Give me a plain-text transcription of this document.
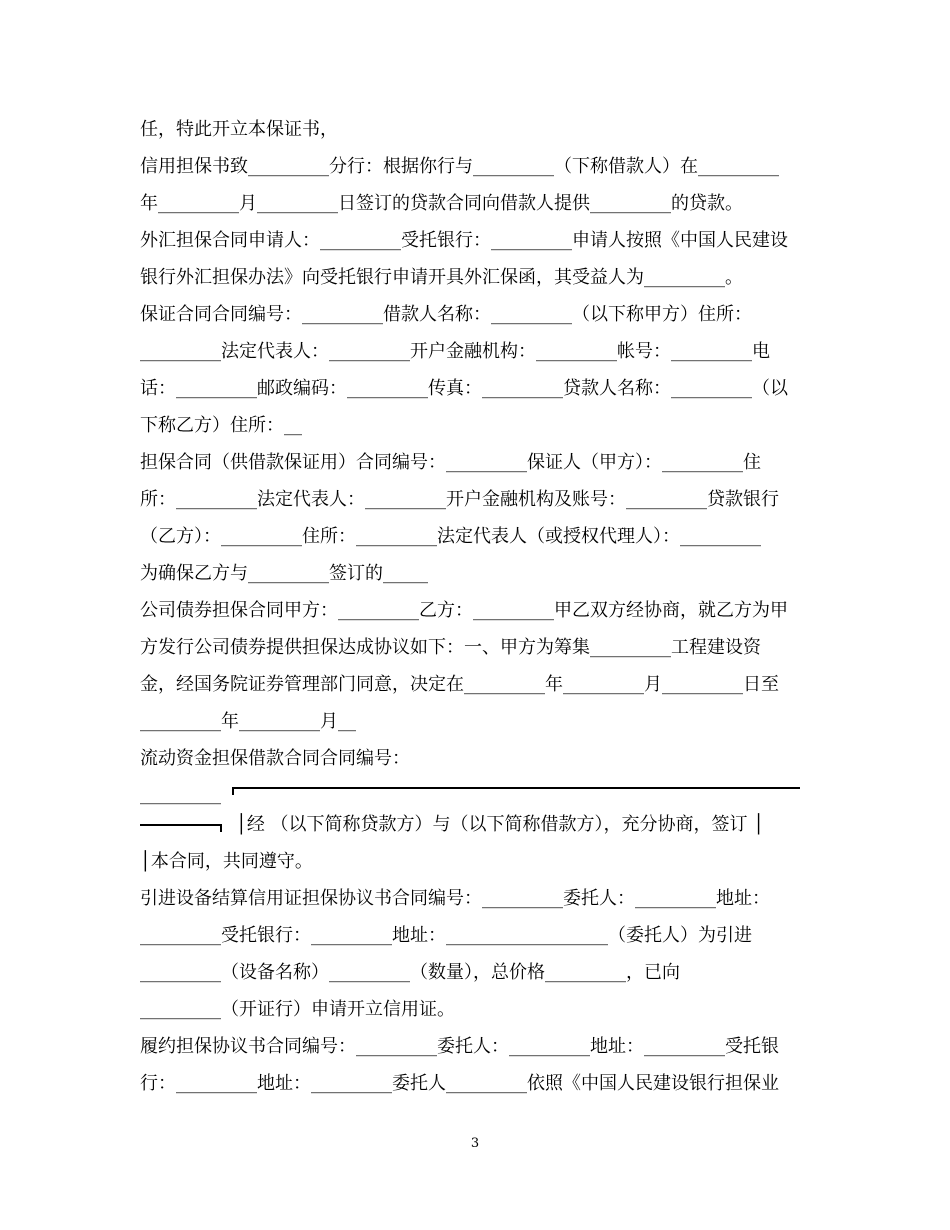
任，特此开立本保证书，
信用担保书致_________分行：根据你行与_________（下称借款人）在_________
年_________月_________日签订的贷款合同向借款人提供_________的贷款。
外汇担保合同申请人：_________受托银行：_________申请人按照《中国人民建设
银行外汇担保办法》向受托银行申请开具外汇保函，其受益人为_________。
保证合同合同编号：_________借款人名称：_________（以下称甲方）住所：
_________法定代表人：_________开户金融机构：_________帐号：_________电
话：_________邮政编码：_________传真：_________贷款人名称：_________（以
下称乙方）住所：__
担保合同（供借款保证用）合同编号：_________保证人（甲方）：_________住
所：_________法定代表人：_________开户金融机构及账号：_________贷款银行
（乙方）：_________住所：_________法定代表人（或授权代理人）：_________
为确保乙方与_________签订的_____
公司债券担保合同甲方：_________乙方：_________甲乙双方经协商，就乙方为甲
方发行公司债券提供担保达成协议如下：一、甲方为筹集_________工程建设资
金，经国务院证券管理部门同意，决定在_________年_________月_________日至
_________年_________月__
流动资金担保借款合同合同编号：
_________
│经 （以下简称贷款方）与（以下简称借款方），充分协商，签订 │
│本合同，共同遵守。
引进设备结算信用证担保协议书合同编号：_________委托人：_________地址：
_________受托银行：_________地址：__________________（委托人）为引进
_________（设备名称）_________（数量），总价格_________，已向
_________（开证行）申请开立信用证。
履约担保协议书合同编号：_________委托人：_________地址：_________受托银
行：_________地址：_________委托人_________依照《中国人民建设银行担保业
3
